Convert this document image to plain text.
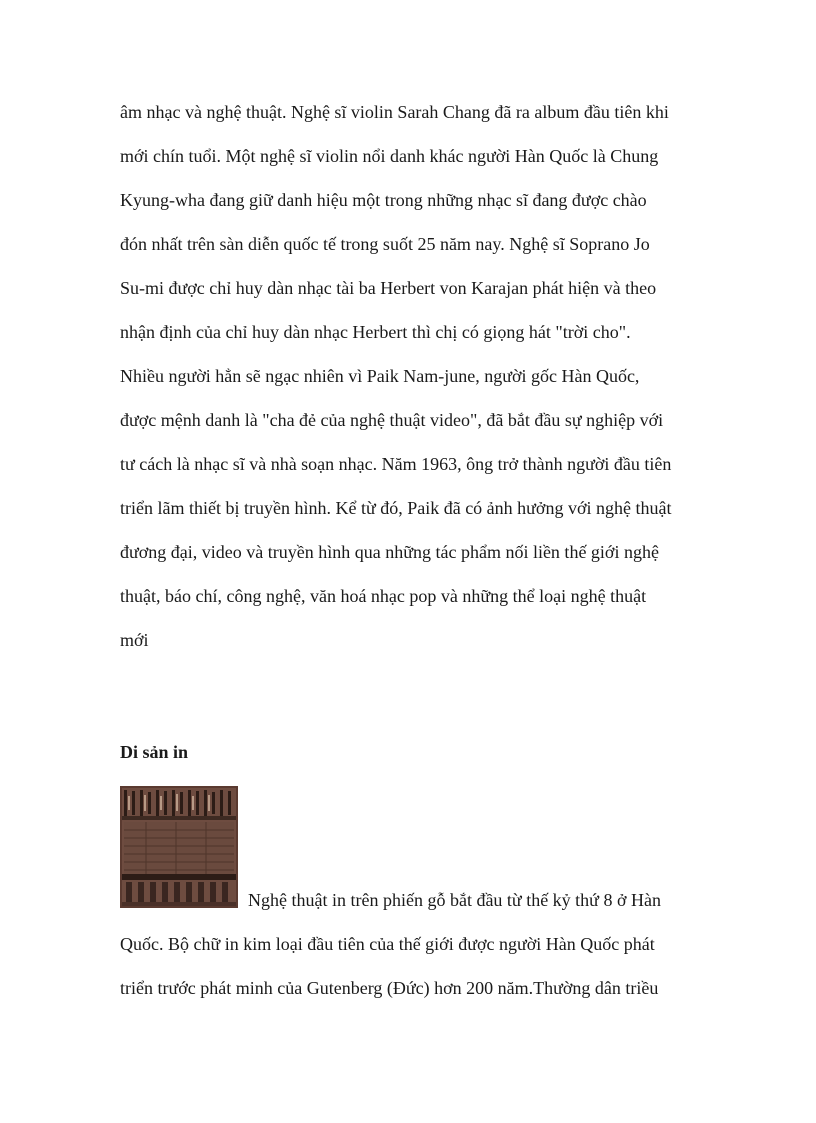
âm nhạc và nghệ thuật. Nghệ sĩ violin Sarah Chang đã ra album đầu tiên khi
mới chín tuổi. Một nghệ sĩ violin nổi danh khác người Hàn Quốc là Chung
Kyung-wha đang giữ danh hiệu một trong những nhạc sĩ đang được chào
đón nhất trên sàn diễn quốc tế trong suốt 25 năm nay. Nghệ sĩ Soprano Jo
Su-mi được chỉ huy dàn nhạc tài ba Herbert von Karajan phát hiện và theo
nhận định của chỉ huy dàn nhạc Herbert thì chị có giọng hát "trời cho".
Nhiều người hẳn sẽ ngạc nhiên vì Paik Nam-june, người gốc Hàn Quốc,
được mệnh danh là "cha đẻ của nghệ thuật video", đã bắt đầu sự nghiệp với
tư cách là nhạc sĩ và nhà soạn nhạc. Năm 1963, ông trở thành người đầu tiên
triển lãm thiết bị truyền hình. Kể từ đó, Paik đã có ảnh hưởng với nghệ thuật
đương đại, video và truyền hình qua những tác phẩm nối liền thế giới nghệ
thuật, báo chí, công nghệ, văn hoá nhạc pop và những thể loại nghệ thuật
mới

Di sản in

Nghệ thuật in trên phiến gỗ bắt đầu từ thế kỷ thứ 8 ở Hàn
Quốc. Bộ chữ in kim loại đầu tiên của thế giới được người Hàn Quốc phát
triển trước phát minh của Gutenberg (Đức) hơn 200 năm.Thường dân triều
